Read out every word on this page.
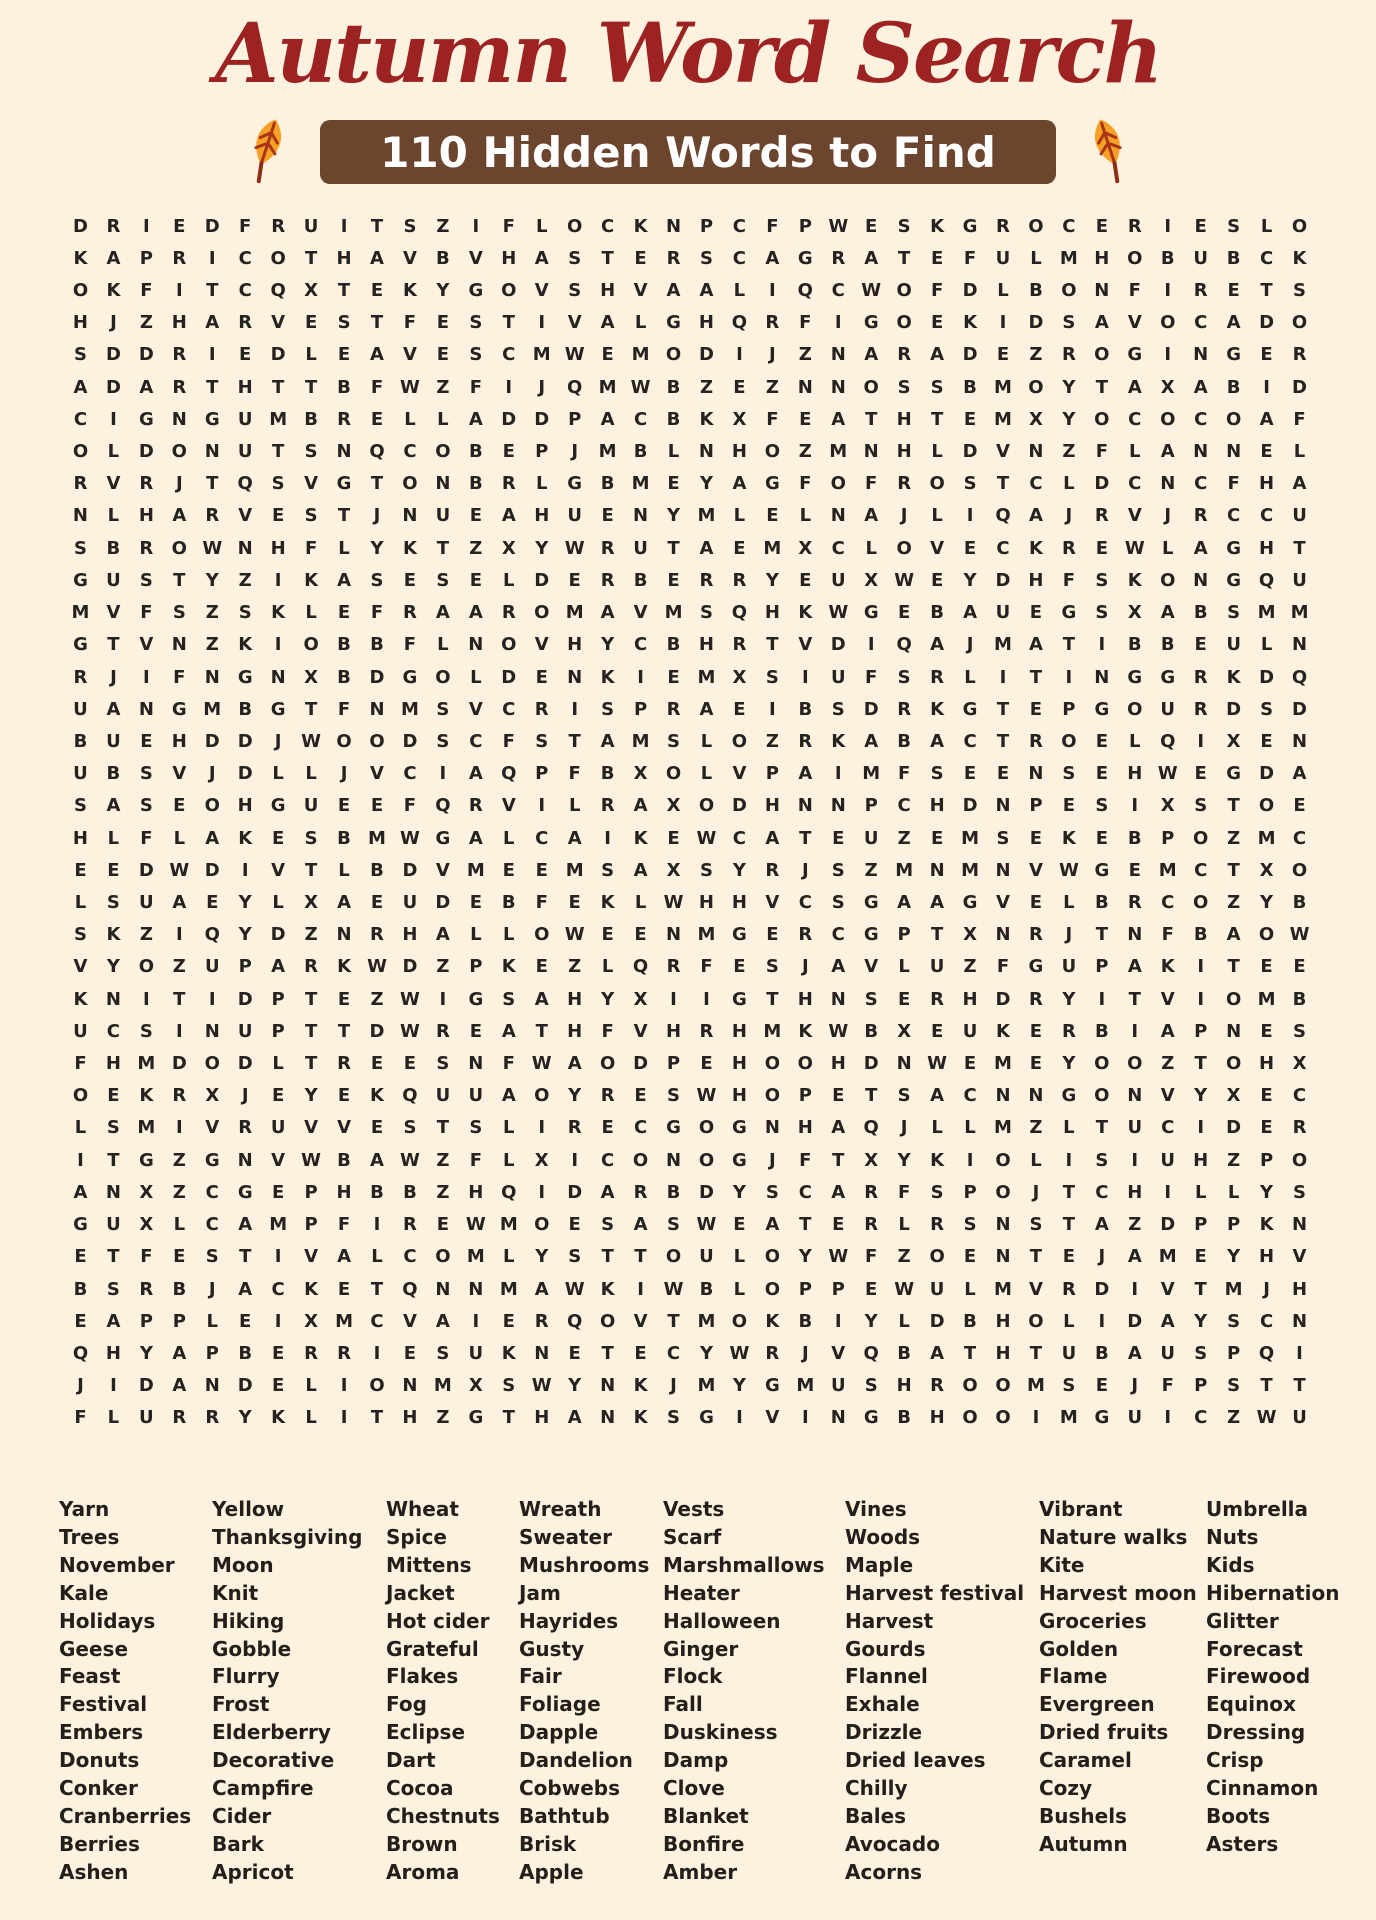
Autumn Word Search
110 Hidden Words to Find
D	R	I	E	D	F	R	U	I	T	S	Z	I	F	L	O	C	K	N	P	C	F	P W E	S	K	G	R	O	C	E	R	I	E	S	L	O
K	A	P	R	I	C	O	T	H	A	V	B	V	H	A	S	T	E	R	S	C	A	G	R	A	T	E	F	U	L	M H O	B	U	B	C	K
O	K	F	I	T	C	Q	X	T	E	K	Y	G O	V	S	H	V	A	A	L	I	Q	C W O	F	D	L	B	O N	F	I	R	E	T	S
H	J	Z	H	A	R	V	E	S	T	F	E	S	T	I	V	A	L	G	H Q	R	F	I	G O	E	K	I	D	S	A	V	O	C	A	D O
S	D D	R	I	E	D	L	E	A	V	E	S	C M W E M O D	I	J	Z	N	A	R	A	D	E	Z	R	O G	I	N	G	E	R
A	D	A	R	T	H	T	T	B	F W Z	F	I	J	Q M W B	Z	E	Z	N N O	S	S	B M O	Y	T	A	X	A	B	I	D
C	I	G	N	G	U M B	R	E	L	L	A	D	D	P	A	C	B	K	X	F	E	A	T	H	T	E M X	Y	O	C	O	C	O	A	F
O	L	D O N	U	T	S	N Q	C	O	B	E	P	J	M B	L	N H O	Z M N H	L	D	V	N	Z	F	L	A	N N	E	L
R	V	R	J	T	Q	S	V	G	T	O N	B	R	L	G	B M E	Y	A	G	F	O	F	R	O	S	T	C	L	D	C	N	C	F	H	A
N	L	H	A	R	V	E	S	T	J	N	U	E	A	H	U	E	N	Y M	L	E	L	N	A	J	L	I	Q	A	J	R	V	J	R	C	C	U
S	B	R	O W N H	F	L	Y	K	T	Z	X	Y W R	U	T	A	E M X	C	L	O	V	E	C	K	R	E W L	A	G	H	T
G	U	S	T	Y	Z	I	K	A	S	E	S	E	L	D	E	R	B	E	R	R	Y	E	U	X W E	Y	D H	F	S	K	O N	G Q U
M V	F	S	Z	S	K	L	E	F	R	A	A	R	O M A	V M S	Q H	K W G	E	B	A	U	E	G	S	X	A	B	S M M
G	T	V	N	Z	K	I	O	B	B	F	L	N O	V	H	Y	C	B	H	R	T	V	D	I	Q	A	J	M A	T	I	B	B	E	U	L	N
R	J	I	F	N	G	N	X	B	D	G O	L	D	E	N	K	I	E M X	S	I	U	F	S	R	L	I	T	I	N	G	G	R	K	D Q
U	A	N	G M B	G	T	F	N M S	V	C	R	I	S	P	R	A	E	I	B	S	D	R	K	G	T	E	P	G O U	R	D	S	D
B	U	E	H D D	J	W O O D	S	C	F	S	T	A M S	L	O	Z	R	K	A	B	A	C	T	R	O	E	L	Q	I	X	E	N
U	B	S	V	J	D	L	L	J	V	C	I	A	Q	P	F	B	X	O	L	V	P	A	I	M F	S	E	E	N	S	E	H W E	G	D	A
S	A	S	E	O H	G	U	E	E	F	Q	R	V	I	L	R	A	X	O D H N N	P	C	H D N	P	E	S	I	X	S	T	O	E
H	L	F	L	A	K	E	S	B M W G	A	L	C	A	I	K	E W C	A	T	E	U	Z	E M S	E	K	E	B	P	O	Z M C
E	E	D W D	I	V	T	L	B	D	V M E	E M S	A	X	S	Y	R	J	S	Z M N M N	V W G	E M C	T	X	O
L	S	U	A	E	Y	L	X	A	E	U	D	E	B	F	E	K	L W H H	V	C	S	G	A	A	G	V	E	L	B	R	C	O	Z	Y	B
S	K	Z	I	Q	Y	D	Z	N	R	H	A	L	L	O W E	E	N M G	E	R	C	G	P	T	X	N	R	J	T	N	F	B	A	O W
V	Y	O	Z	U	P	A	R	K W D	Z	P	K	E	Z	L	Q	R	F	E	S	J	A	V	L	U	Z	F	G	U	P	A	K	I	T	E	E
K	N	I	T	I	D	P	T	E	Z W	I	G	S	A	H	Y	X	I	I	G	T	H N	S	E	R	H D	R	Y	I	T	V	I	O M B
U	C	S	I	N	U	P	T	T	D W R	E	A	T	H	F	V	H	R	H M K W B	X	E	U	K	E	R	B	I	A	P	N	E	S
F	H M D O D	L	T	R	E	E	S	N	F W A	O D	P	E	H O O H D N W E M E	Y	O O	Z	T	O H	X
O	E	K	R	X	J	E	Y	E	K	Q U	U	A	O	Y	R	E	S W H O	P	E	T	S	A	C	N N	G O N	V	Y	X	E	C
L	S M	I	V	R	U	V	V	E	S	T	S	L	I	R	E	C	G O G	N H	A	Q	J	L	L	M Z	L	T	U	C	I	D	E	R
I	T	G	Z	G	N	V W B	A W Z	F	L	X	I	C	O N O G	J	F	T	X	Y	K	I	O	L	I	S	I	U	H	Z	P	O
A	N	X	Z	C	G	E	P	H	B	B	Z	H Q	I	D	A	R	B	D	Y	S	C	A	R	F	S	P	O	J	T	C	H	I	L	L	Y	S
G	U	X	L	C	A M P	F	I	R	E W M O	E	S	A	S W E	A	T	E	R	L	R	S	N	S	T	A	Z	D	P	P	K	N
E	T	F	E	S	T	I	V	A	L	C	O M	L	Y	S	T	T	O U	L	O	Y W F	Z	O	E	N	T	E	J	A M E	Y	H	V
B	S	R	B	J	A	C	K	E	T	Q N N M A W K	I	W B	L	O	P	P	E W U	L	M V	R	D	I	V	T M	J	H
E	A	P	P	L	E	I	X M C	V	A	I	E	R	Q O	V	T M O	K	B	I	Y	L	D	B	H O	L	I	D	A	Y	S	C	N
Q H	Y	A	P	B	E	R	R	I	E	S	U	K	N	E	T	E	C	Y W R	J	V	Q	B	A	T	H	T	U	B	A	U	S	P	Q	I
J	I	D	A	N D	E	L	I	O N M X	S W Y	N	K	J	M Y	G M U	S	H	R	O O M S	E	J	F	P	S	T	T
F	L	U	R	R	Y	K	L	I	T	H	Z	G	T	H	A	N	K	S	G	I	V	I	N	G	B	H O O	I	M G	U	I	C	Z W U
Yarn
Trees
November
Kale
Holidays
Geese
Feast
Festival
Embers
Donuts
Conker
Cranberries
Berries
Ashen
Yellow
Thanksgiving
Moon
Knit
Hiking
Gobble
Flurry
Frost
Elderberry
Decorative
Campfire
Cider
Bark
Apricot
Wheat
Spice
Mittens
Jacket
Hot cider
Grateful
Flakes
Fog
Eclipse
Dart
Cocoa
Chestnuts
Brown
Aroma
Wreath
Sweater
Mushrooms
Jam
Hayrides
Gusty
Fair
Foliage
Dapple
Dandelion
Cobwebs
Bathtub
Brisk
Apple
Vests
Scarf
Marshmallows
Heater
Halloween
Ginger
Flock
Fall
Duskiness
Damp
Clove
Blanket
Bonfire
Amber
Vines
Woods
Maple
Harvest festival
Harvest
Gourds
Flannel
Exhale
Drizzle
Dried leaves
Chilly
Bales
Avocado
Acorns
Vibrant
Nature walks
Kite
Harvest moon
Groceries
Golden
Flame
Evergreen
Dried fruits
Caramel
Cozy
Bushels
Autumn
Umbrella
Nuts
Kids
Hibernation
Glitter
Forecast
Firewood
Equinox
Dressing
Crisp
Cinnamon
Boots
Asters
